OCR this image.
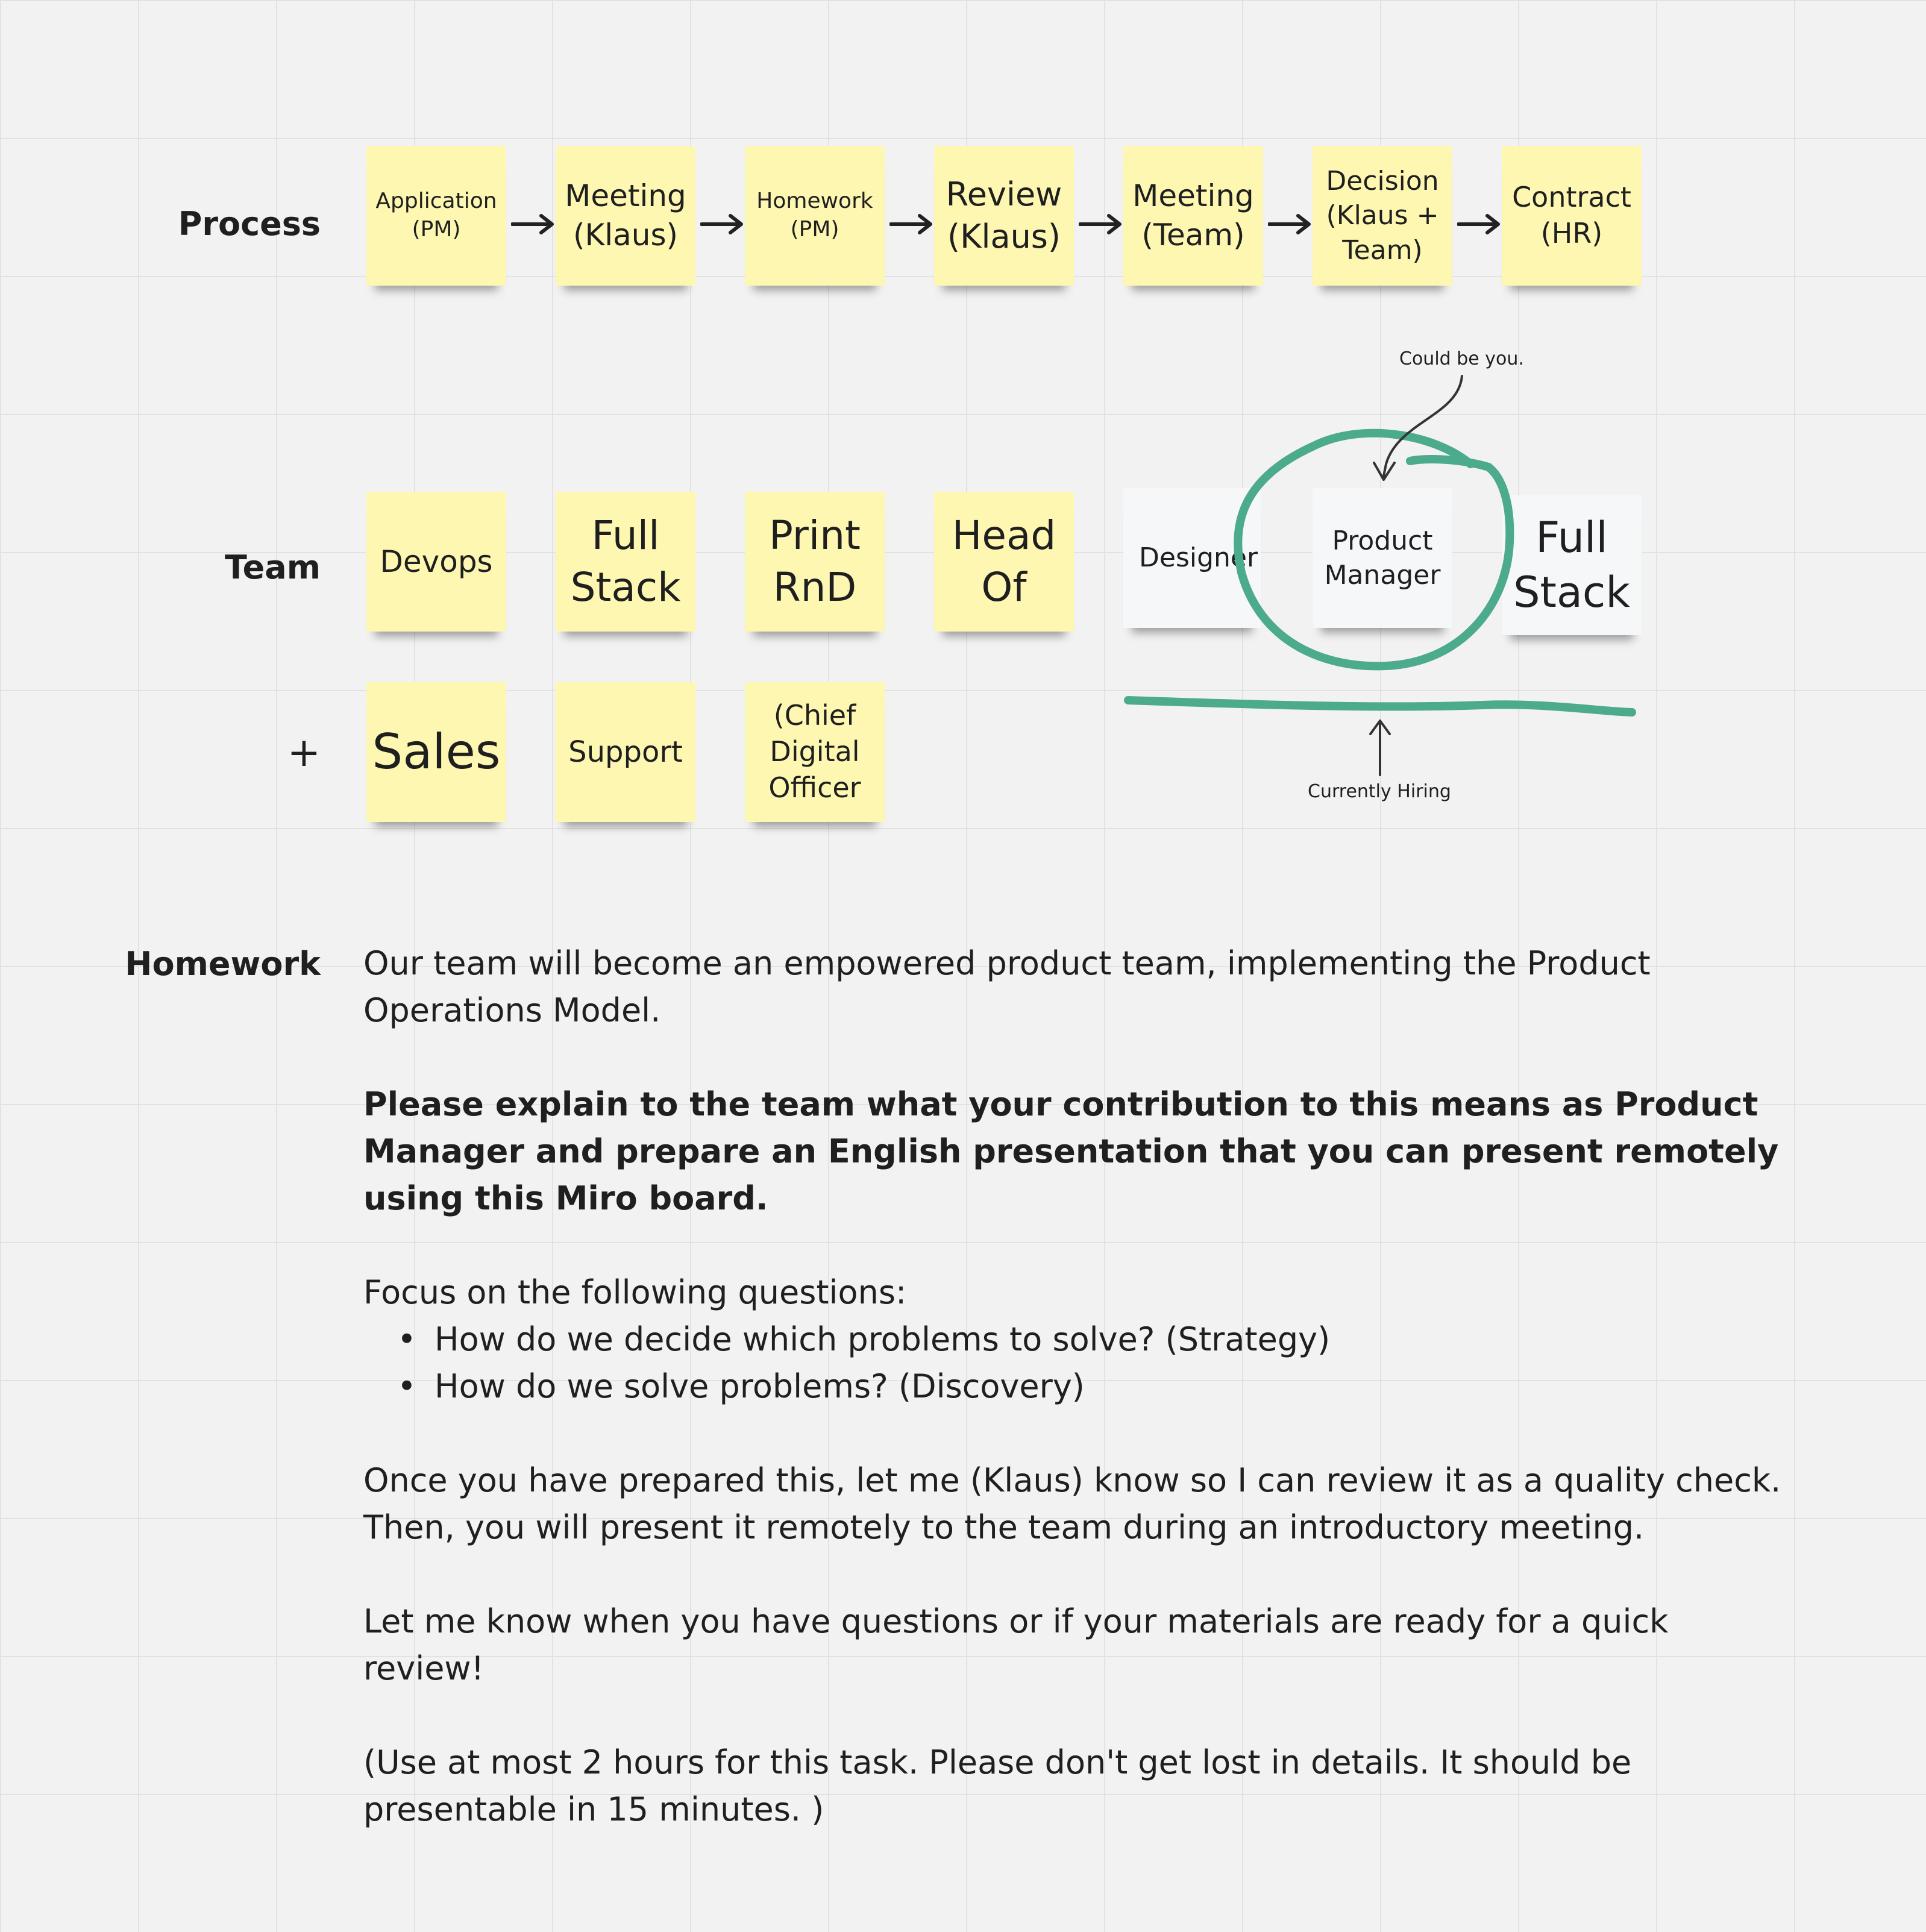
Process
Team
+
Homework
Application (PM)
Meeting (Klaus)
Homework (PM)
Review (Klaus)
Meeting (Team)
Decision (Klaus + Team)
Contract (HR)
Devops
Full Stack
Print RnD
Head Of
Designer
Product Manager
Full Stack
Sales Support
(Chief Digital Officer
Could be you.
Currently Hiring

Our team will become an empowered product team, implementing the Product Operations Model.

Please explain to the team what your contribution to this means as Product Manager and prepare an English presentation that you can present remotely using this Miro board.

Focus on the following questions:

• How do we decide which problems to solve? (Strategy)
• How do we solve problems? (Discovery)

Once you have prepared this, let me (Klaus) know so I can review it as a quality check. Then, you will present it remotely to the team during an introductory meeting.

Let me know when you have questions or if your materials are ready for a quick review!

(Use at most 2 hours for this task. Please don't get lost in details. It should be presentable in 15 minutes. )
